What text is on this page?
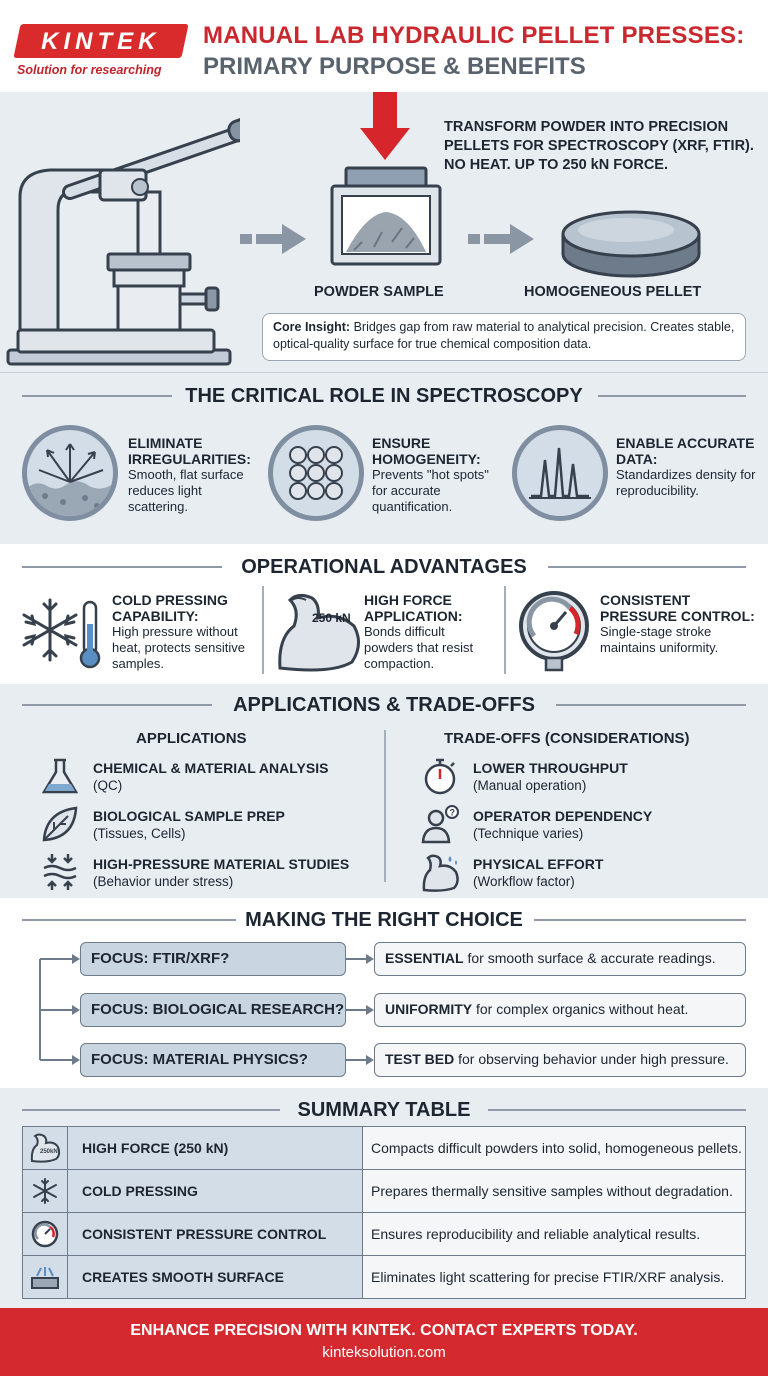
KINTEK
Solution for researching
MANUAL LAB HYDRAULIC PELLET PRESSES:
PRIMARY PURPOSE & BENEFITS
POWDER SAMPLE	HOMOGENEOUS PELLET
TRANSFORM POWDER INTO PRECISION PELLETS FOR SPECTROSCOPY (XRF, FTIR). NO HEAT. UP TO 250 kN FORCE.
Core Insight: Bridges gap from raw material to analytical precision. Creates stable, optical-quality surface for true chemical composition data.
THE CRITICAL ROLE IN SPECTROSCOPY
ELIMINATE IRREGULARITIES:
Smooth, flat surface reduces light scattering.
ENSURE HOMOGENEITY:
Prevents "hot spots" for accurate quantification.
ENABLE ACCURATE DATA:
Standardizes density for reproducibility.
OPERATIONAL ADVANTAGES
COLD PRESSING CAPABILITY:
High pressure without heat, protects sensitive samples.
250 kN
HIGH FORCE APPLICATION:
Bonds difficult powders that resist compaction.
CONSISTENT PRESSURE CONTROL:
Single-stage stroke maintains uniformity.
APPLICATIONS & TRADE-OFFS
APPLICATIONS	TRADE-OFFS (CONSIDERATIONS)
CHEMICAL & MATERIAL ANALYSIS
(QC)
BIOLOGICAL SAMPLE PREP
(Tissues, Cells)
HIGH-PRESSURE MATERIAL STUDIES
(Behavior under stress)
LOWER THROUGHPUT
(Manual operation)
? OPERATOR DEPENDENCY
(Technique varies)
PHYSICAL EFFORT
(Workflow factor)
MAKING THE RIGHT CHOICE
FOCUS: FTIR/XRF?	ESSENTIAL for smooth surface & accurate readings.
FOCUS: BIOLOGICAL RESEARCH?	UNIFORMITY for complex organics without heat.
FOCUS: MATERIAL PHYSICS?	TEST BED for observing behavior under high pressure.
SUMMARY TABLE
250kN	HIGH FORCE (250 kN)	Compacts difficult powders into solid, homogeneous pellets.

	COLD PRESSING	Prepares thermally sensitive samples without degradation.

	CONSISTENT PRESSURE CONTROL	Ensures reproducibility and reliable analytical results.

	CREATES SMOOTH SURFACE	Eliminates light scattering for precise FTIR/XRF analysis.
ENHANCE PRECISION WITH KINTEK. CONTACT EXPERTS TODAY.
kinteksolution.com
